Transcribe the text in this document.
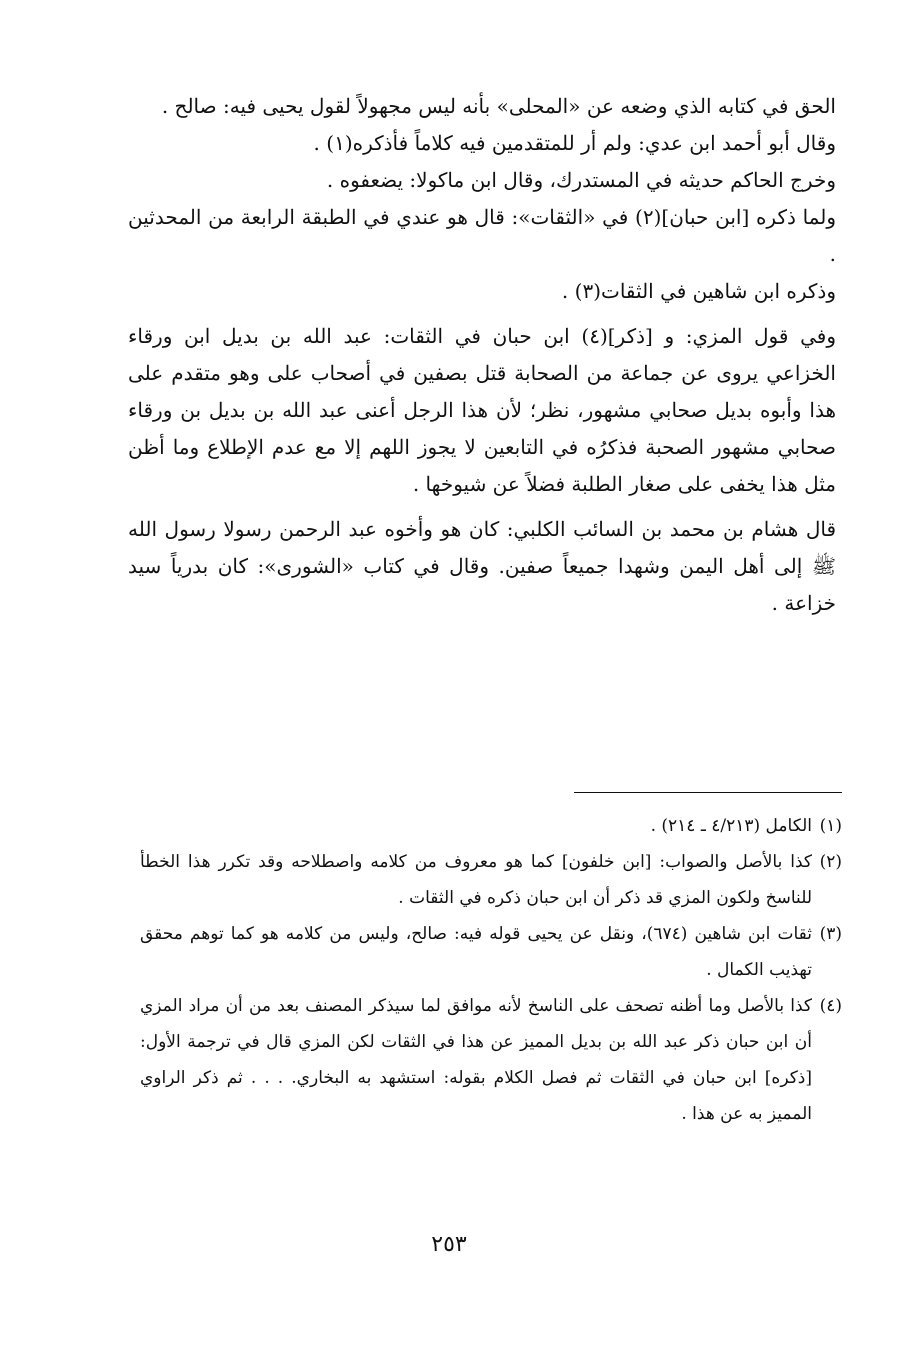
الحق في كتابه الذي وضعه عن «المحلى» بأنه ليس مجهولاً لقول يحيى فيه: صالح .

وقال أبو أحمد ابن عدي: ولم أر للمتقدمين فيه كلاماً فأذكره(١) .

وخرج الحاكم حديثه في المستدرك، وقال ابن ماكولا: يضعفوه .

ولما ذكره [ابن حبان](٢) في «الثقات»: قال هو عندي في الطبقة الرابعة من المحدثين .

وذكره ابن شاهين في الثقات(٣) .

وفي قول المزي: و [ذكر](٤) ابن حبان في الثقات: عبد الله بن بديل ابن ورقاء الخزاعي يروى عن جماعة من الصحابة قتل بصفين في أصحاب على وهو متقدم على هذا وأبوه بديل صحابي مشهور، نظر؛ لأن هذا الرجل أعنى عبد الله بن بديل بن ورقاء صحابي مشهور الصحبة فذكرُه في التابعين لا يجوز اللهم إلا مع عدم الإطلاع وما أظن مثل هذا يخفى على صغار الطلبة فضلاً عن شيوخها .

قال هشام بن محمد بن السائب الكلبي: كان هو وأخوه عبد الرحمن رسولا رسول الله ﷺ إلى أهل اليمن وشهدا جميعاً صفين. وقال في كتاب «الشورى»: كان بدرياً سيد خزاعة .

(١)
الكامل (٤/٢١٣ ـ ٢١٤) .
(٢)
كذا بالأصل والصواب: [ابن خلفون] كما هو معروف من كلامه واصطلاحه وقد تكرر هذا الخطأ للناسخ ولكون المزي قد ذكر أن ابن حبان ذكره في الثقات .
(٣)
ثقات ابن شاهين (٦٧٤)، ونقل عن يحيى قوله فيه: صالح، وليس من كلامه هو كما توهم محقق تهذيب الكمال .
(٤)
كذا بالأصل وما أظنه تصحف على الناسخ لأنه موافق لما سيذكر المصنف بعد من أن مراد المزي أن ابن حبان ذكر عبد الله بن بديل المميز عن هذا في الثقات لكن المزي قال في ترجمة الأول: [ذكره] ابن حبان في الثقات ثم فصل الكلام بقوله: استشهد به البخاري. . . . ثم ذكر الراوي المميز به عن هذا .
٢٥٣
